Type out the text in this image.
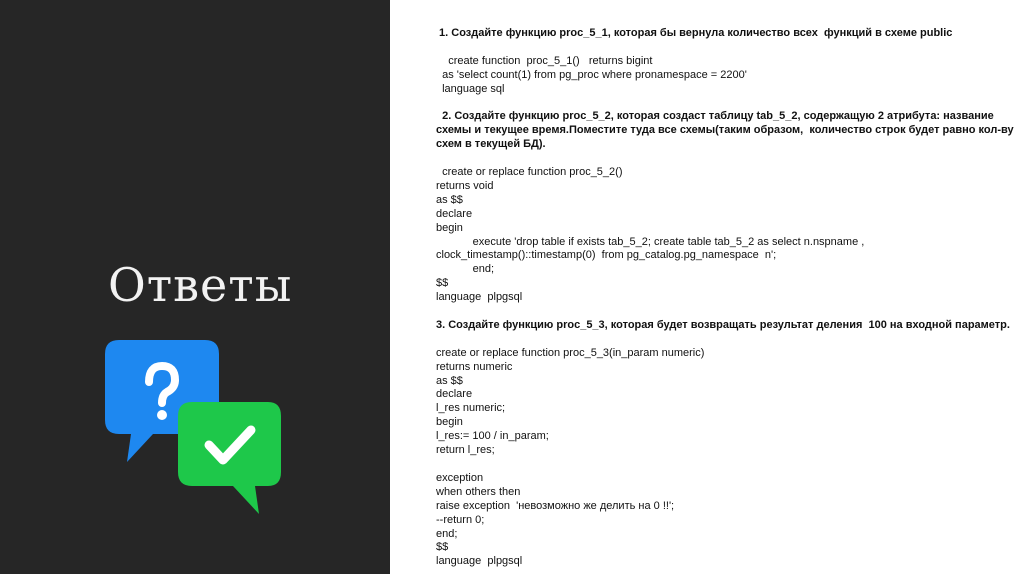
Ответы

1. Создайте функцию proc_5_1, которая бы вернула количество всех  функций в схеме public

create function  proc_5_1()   returns bigint

as 'select count(1) from pg_proc where pronamespace = 2200'

language sql

2. Создайте функцию proc_5_2, которая создаст таблицу tab_5_2, содержащую 2 атрибута: название схемы и текущее время.Поместите туда все схемы(таким образом,  количество строк будет равно кол-ву схем в текущей БД).

create or replace function proc_5_2()

returns void

as $$

declare

begin

execute 'drop table if exists tab_5_2; create table tab_5_2 as select n.nspname ,

clock_timestamp()::timestamp(0)  from pg_catalog.pg_namespace  n';

end;

$$

language  plpgsql

3. Создайте функцию proc_5_3, которая будет возвращать результат деления  100 на входной параметр.

create or replace function proc_5_3(in_param numeric)

returns numeric

as $$

declare

l_res numeric;

begin

l_res:= 100 / in_param;

return l_res;

exception

when others then

raise exception  'невозможно же делить на 0 !!';

--return 0;

end;

$$

language  plpgsql
